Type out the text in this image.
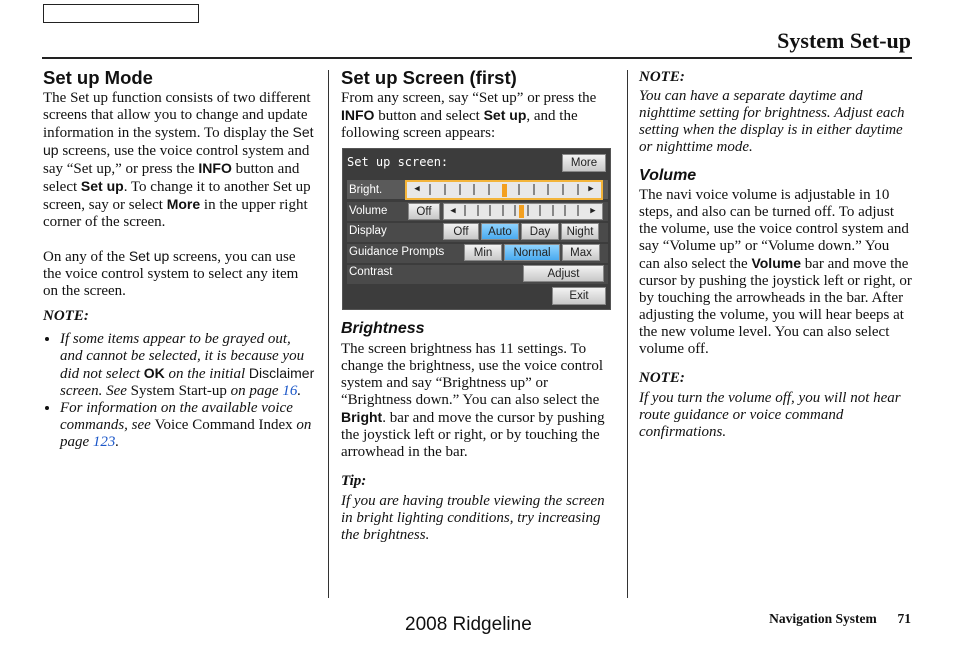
System Set-up
Set up Mode

The Set up function consists of two different screens that allow you to change and update information in the system. To display the Set up screens, use the voice control system and say “Set up,” or press the INFO button and select Set up. To change it to another Set up screen, say or select More in the upper right corner of the screen.

On any of the Set up screens, you can use the voice control system to select any item on the screen.

NOTE:

• If some items appear to be grayed out, and cannot be selected, it is because you did not select OK on the initial Disclaimer screen. See System Start-up on page 16.
• For information on the available voice commands, see Voice Command Index on page 123.
Set up Screen (first)

From any screen, say “Set up” or press the INFO button and select Set up, and the following screen appears:

Set up screen:	More
Bright.	◀	▶
Volume	Off	◀	▶
Display	Off	Auto	Day	Night
Guidance Prompts	Min	Normal	Max
Contrast	Adjust
Exit
Brightness

The screen brightness has 11 settings. To change the brightness, use the voice control system and say “Brightness up” or “Brightness down.” You can also select the Bright. bar and move the cursor by pushing the joystick left or right, or by touching the arrowhead in the bar.

Tip:

If you are having trouble viewing the screen in bright lighting conditions, try increasing the brightness.

NOTE:

You can have a separate daytime and nighttime setting for brightness. Adjust each setting when the display is in either daytime or nighttime mode.

Volume

The navi voice volume is adjustable in 10 steps, and also can be turned off. To adjust the volume, use the voice control system and say “Volume up” or “Volume down.” You can also select the Volume bar and move the cursor by pushing the joystick left or right, or by touching the arrowheads in the bar. After adjusting the volume, you will hear beeps at the new volume level. You can also select volume off.

NOTE:

If you turn the volume off, you will not hear route guidance or voice command confirmations.

2008 Ridgeline	Navigation System 71
